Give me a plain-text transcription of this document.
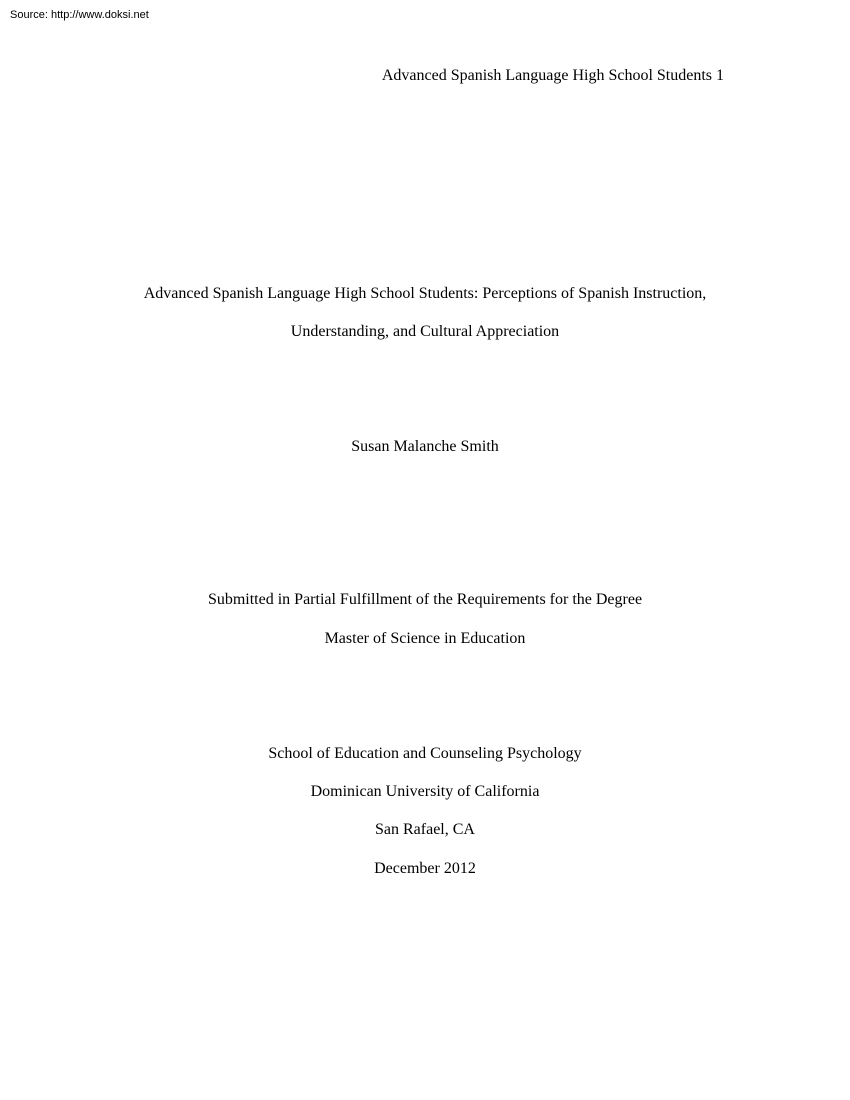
Source: http://www.doksi.net
Advanced Spanish Language High School Students 1
Advanced Spanish Language High School Students: Perceptions of Spanish Instruction,
Understanding, and Cultural Appreciation
Susan Malanche Smith
Submitted in Partial Fulfillment of the Requirements for the Degree
Master of Science in Education
School of Education and Counseling Psychology
Dominican University of California
San Rafael, CA
December 2012
